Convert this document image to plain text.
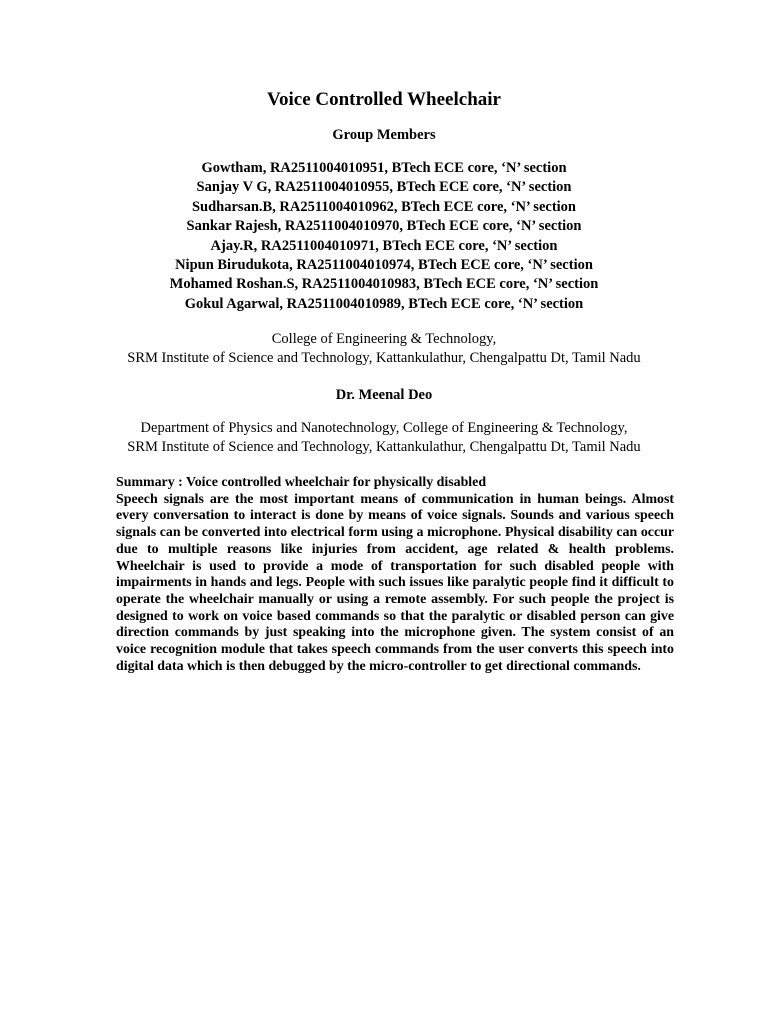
Voice Controlled Wheelchair
Group Members
Gowtham, RA2511004010951, BTech ECE core, ‘N’ section
Sanjay V G, RA2511004010955, BTech ECE core, ‘N’ section
Sudharsan.B, RA2511004010962, BTech ECE core, ‘N’ section
Sankar Rajesh, RA2511004010970, BTech ECE core, ‘N’ section
Ajay.R, RA2511004010971, BTech ECE core, ‘N’ section
Nipun Birudukota, RA2511004010974, BTech ECE core, ‘N’ section
Mohamed Roshan.S, RA2511004010983, BTech ECE core, ‘N’ section
Gokul Agarwal, RA2511004010989, BTech ECE core, ‘N’ section

College of Engineering & Technology,
SRM Institute of Science and Technology, Kattankulathur, Chengalpattu Dt, Tamil Nadu

Dr. Meenal Deo

Department of Physics and Nanotechnology, College of Engineering & Technology,
SRM Institute of Science and Technology, Kattankulathur, Chengalpattu Dt, Tamil Nadu

Summary : Voice controlled wheelchair for physically disabled
Speech signals are the most important means of communication in human beings. Almost every conversation to interact is done by means of voice signals. Sounds and various speech signals can be converted into electrical form using a microphone. Physical disability can occur due to multiple reasons like injuries from accident, age related & health problems. Wheelchair is used to provide a mode of transportation for such disabled people with impairments in hands and legs. People with such issues like paralytic people find it difficult to operate the wheelchair manually or using a remote assembly. For such people the project is designed to work on voice based commands so that the paralytic or disabled person can give direction commands by just speaking into the microphone given. The system consist of an voice recognition module that takes speech commands from the user converts this speech into digital data which is then debugged by the micro-controller to get directional commands.
